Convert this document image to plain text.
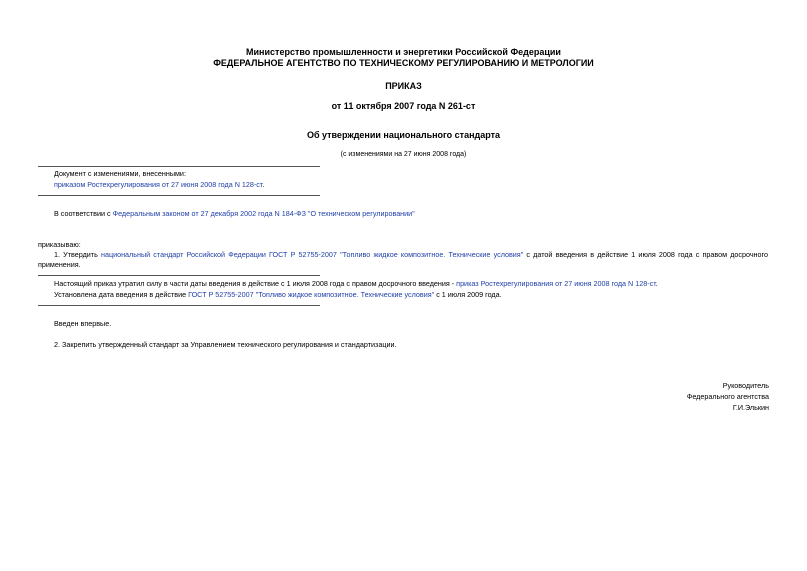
Министерство промышленности и энергетики Российской Федерации
ФЕДЕРАЛЬНОЕ АГЕНТСТВО ПО ТЕХНИЧЕСКОМУ РЕГУЛИРОВАНИЮ И МЕТРОЛОГИИ
ПРИКАЗ
от 11 октября 2007 года N 261-ст
Об утверждении национального стандарта
(с изменениями на 27 июня 2008 года)
Документ с изменениями, внесенными:
приказом Ростехрегулирования от 27 июня 2008 года N 128-ст.
В соответствии с Федеральным законом от 27 декабря 2002 года N 184-ФЗ "О техническом регулировании"
приказываю:
1. Утвердить национальный стандарт Российской Федерации ГОСТ Р 52755-2007 "Топливо жидкое композитное. Технические условия" с датой введения в действие 1 июля 2008 года с правом досрочного применения.
Настоящий приказ утратил силу в части даты введения в действие с 1 июля 2008 года с правом досрочного введения - приказ Ростехрегулирования от 27 июня 2008 года N 128-ст.
Установлена дата введения в действие ГОСТ Р 52755-2007 "Топливо жидкое композитное. Технические условия" с 1 июля 2009 года.
Введен впервые.
2. Закрепить утвержденный стандарт за Управлением технического регулирования и стандартизации.
Руководитель
Федерального агентства
Г.И.Элькин
